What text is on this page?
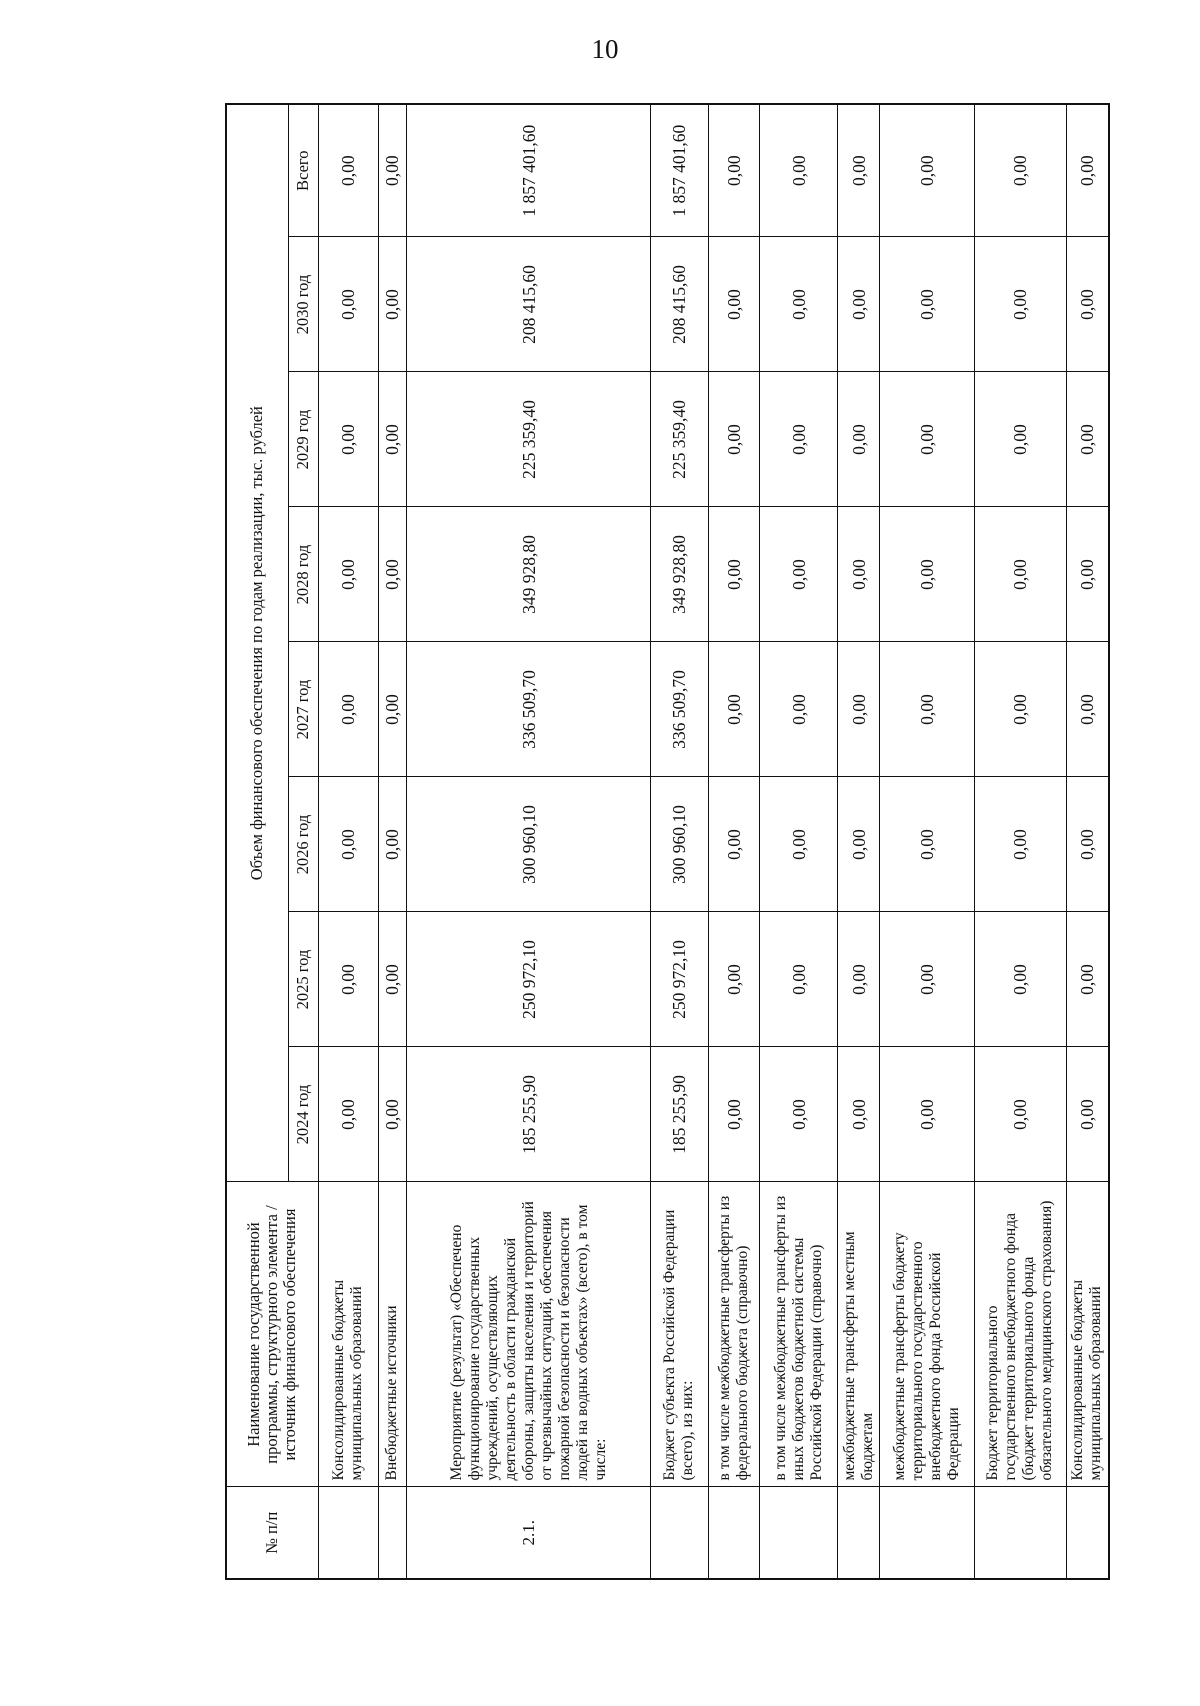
10
№ п/п	Наименование государственной программы, структурного элемента / источник финансового обеспечения	Объем финансового обеспечения по годам реализации, тыс. рублей							
		2024 год	2025 год	2026 год	2027 год	2028 год	2029 год	2030 год	Всего
	Консолидированные бюджеты муниципальных образований	0,00	0,00	0,00	0,00	0,00	0,00	0,00	0,00
	Внебюджетные источники	0,00	0,00	0,00	0,00	0,00	0,00	0,00	0,00
2.1.	Мероприятие (результат) «Обеспечено функционирование государственных учреждений, осуществляющих деятельность в области гражданской обороны, защиты населения и территорий от чрезвычайных ситуаций, обеспечения пожарной безопасности и безопасности людей на водных объектах» (всего), в том числе:	185 255,90	250 972,10	300 960,10	336 509,70	349 928,80	225 359,40	208 415,60	1 857 401,60
	Бюджет субъекта Российской Федерации (всего), из них:	185 255,90	250 972,10	300 960,10	336 509,70	349 928,80	225 359,40	208 415,60	1 857 401,60
	в том числе межбюджетные трансферты из федерального бюджета (справочно)	0,00	0,00	0,00	0,00	0,00	0,00	0,00	0,00
	в том числе межбюджетные трансферты из иных бюджетов бюджетной системы Российской Федерации (справочно)	0,00	0,00	0,00	0,00	0,00	0,00	0,00	0,00
	межбюджетные трансферты местным бюджетам	0,00	0,00	0,00	0,00	0,00	0,00	0,00	0,00
	межбюджетные трансферты бюджету территориального государственного внебюджетного фонда Российской Федерации	0,00	0,00	0,00	0,00	0,00	0,00	0,00	0,00
	Бюджет территориального государственного внебюджетного фонда (бюджет территориального фонда обязательного медицинского страхования)	0,00	0,00	0,00	0,00	0,00	0,00	0,00	0,00
	Консолидированные бюджеты муниципальных образований	0,00	0,00	0,00	0,00	0,00	0,00	0,00	0,00
